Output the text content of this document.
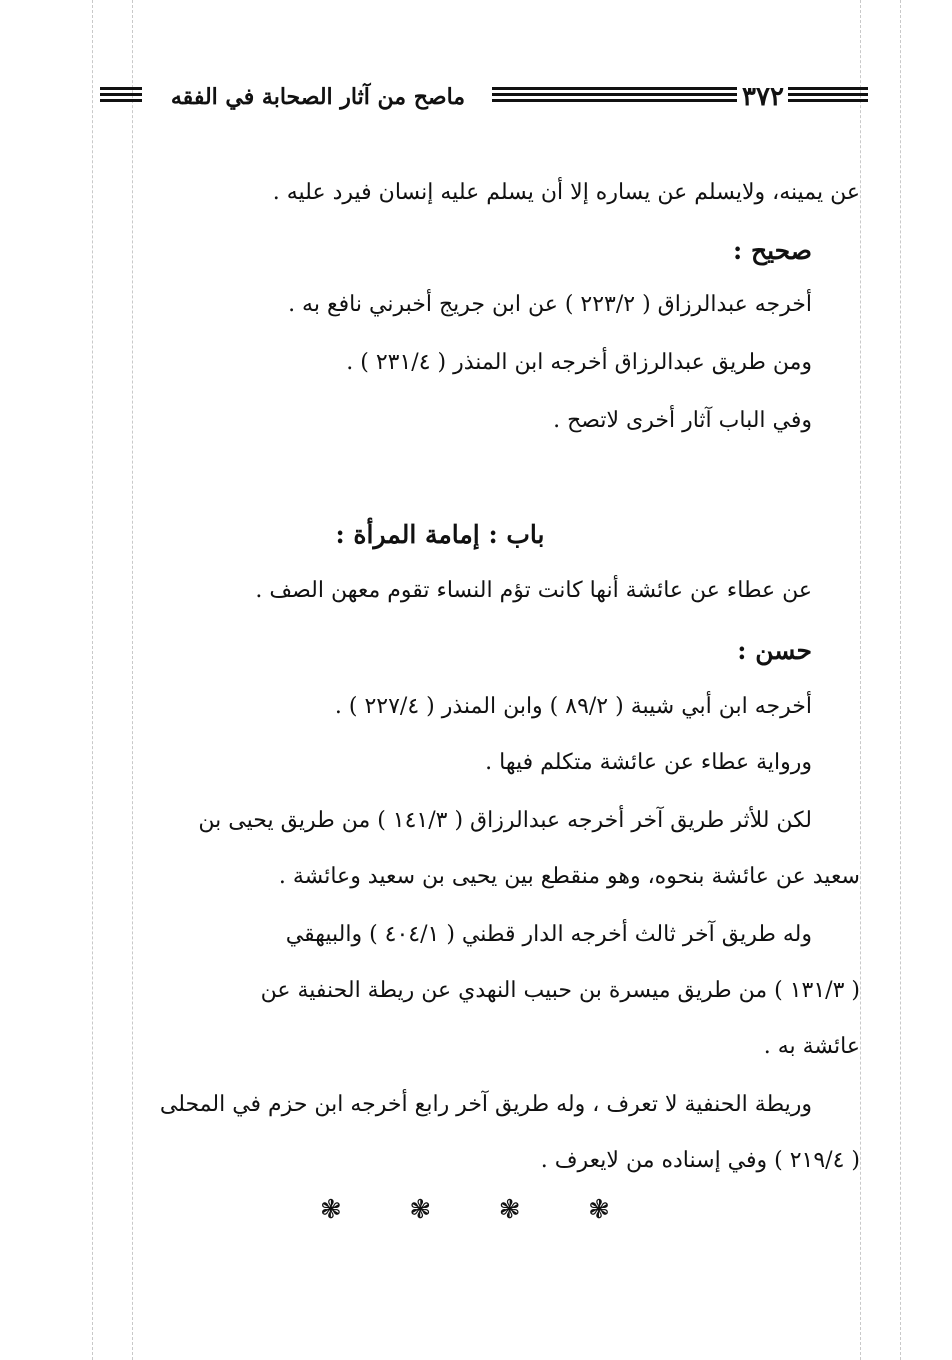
ماصح من آثار الصحابة في الفقه	٣٧٢
عن يمينه، ولايسلم عن يساره إلا أن يسلم عليه إنسان فيرد عليه .
صحيح :
أخرجه عبدالرزاق ( ٢٢٣/٢ ) عن ابن جريج أخبرني نافع به .
ومن طريق عبدالرزاق أخرجه ابن المنذر ( ٢٣١/٤ ) .
وفي الباب آثار أخرى لاتصح .
باب : إمامة المرأة :
عن عطاء عن عائشة أنها كانت تؤم النساء تقوم معهن الصف .
حسن :
أخرجه ابن أبي شيبة ( ٨٩/٢ ) وابن المنذر ( ٢٢٧/٤ ) .
ورواية عطاء عن عائشة متكلم فيها .
لكن للأثر طريق آخر أخرجه عبدالرزاق ( ١٤١/٣ ) من طريق يحيى بن
سعيد عن عائشة بنحوه، وهو منقطع بين يحيى بن سعيد وعائشة .
وله طريق آخر ثالث أخرجه الدار قطني ( ٤٠٤/١ ) والبيهقي
( ١٣١/٣ ) من طريق ميسرة بن حبيب النهدي عن ريطة الحنفية عن
عائشة به .
وريطة الحنفية لا تعرف ، وله طريق آخر رابع أخرجه ابن حزم في المحلى
( ٢١٩/٤ ) وفي إسناده من لايعرف .
❃	❃	❃	❃
